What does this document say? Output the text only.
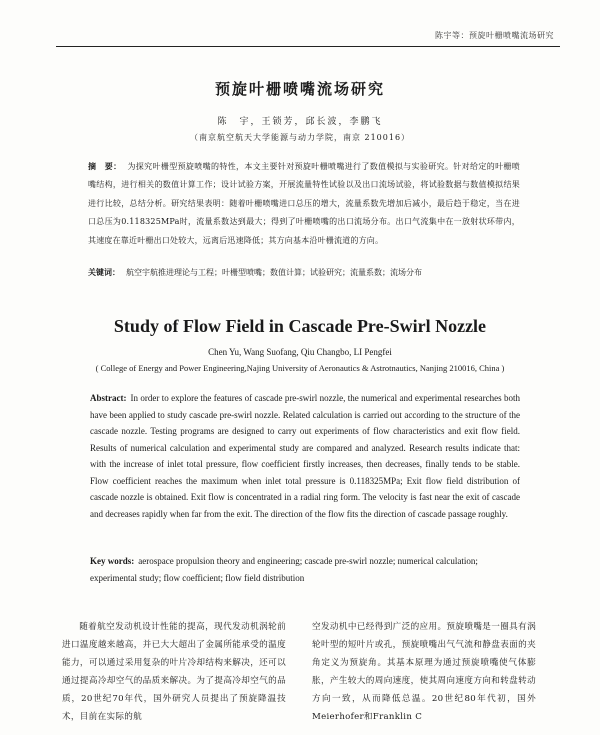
陈宇等：预旋叶栅喷嘴流场研究
预旋叶栅喷嘴流场研究
陈　宇，王锁芳，邱长波，李鹏飞
（南京航空航天大学能源与动力学院，南京 210016）
摘　要： 为探究叶栅型预旋喷嘴的特性，本文主要针对预旋叶栅喷嘴进行了数值模拟与实验研究。针对给定的叶栅喷嘴结构，进行相关的数值计算工作；设计试验方案，开展流量特性试验以及出口流场试验，将试验数据与数值模拟结果进行比较，总结分析。研究结果表明：随着叶栅喷嘴进口总压的增大，流量系数先增加后减小，最后趋于稳定，当在进口总压为0.118325MPa时，流量系数达到最大；得到了叶栅喷嘴的出口流场分布。出口气流集中在一放射状环带内，其速度在靠近叶栅出口处较大，远离后迅速降低；其方向基本沿叶栅流道的方向。
关键词： 航空宇航推进理论与工程；叶栅型喷嘴；数值计算；试验研究；流量系数；流场分布
Study of Flow Field in Cascade Pre-Swirl Nozzle
Chen Yu, Wang Suofang, Qiu Changbo, LI Pengfei
( College of Energy and Power Engineering,Najing University of Aeronautics & Astrotnautics, Nanjing 210016, China )
Abstract: In order to explore the features of cascade pre-swirl nozzle, the numerical and experimental researches both have been applied to study cascade pre-swirl nozzle. Related calculation is carried out according to the structure of the cascade nozzle. Testing programs are designed to carry out experiments of flow characteristics and exit flow field. Results of numerical calculation and experimental study are compared and analyzed. Research results indicate that: with the increase of inlet total pressure, flow coefficient firstly increases, then decreases, finally tends to be stable. Flow coefficient reaches the maximum when inlet total pressure is 0.118325MPa; Exit flow field distribution of cascade nozzle is obtained. Exit flow is concentrated in a radial ring form. The velocity is fast near the exit of cascade and decreases rapidly when far from the exit. The direction of the flow fits the direction of cascade passage roughly.
Key words: aerospace propulsion theory and engineering; cascade pre-swirl nozzle; numerical calculation; experimental study; flow coefficient; flow field distribution
随着航空发动机设计性能的提高，现代发动机涡轮前进口温度越来越高，并已大大超出了金属所能承受的温度能力，可以通过采用复杂的叶片冷却结构来解决，还可以通过提高冷却空气的品质来解决。为了提高冷却空气的品质，20世纪70年代，国外研究人员提出了预旋降温技术，目前在实际的航
空发动机中已经得到广泛的应用。预旋喷嘴是一圈具有涡轮叶型的短叶片或孔，预旋喷嘴出气气流和静盘表面的夹角定义为预旋角。其基本原理为通过预旋喷嘴使气体膨胀，产生较大的周向速度，使其周向速度方向和转盘转动方向一致，从而降低总温。20世纪80年代初，国外Meierhofer和Franklin C
